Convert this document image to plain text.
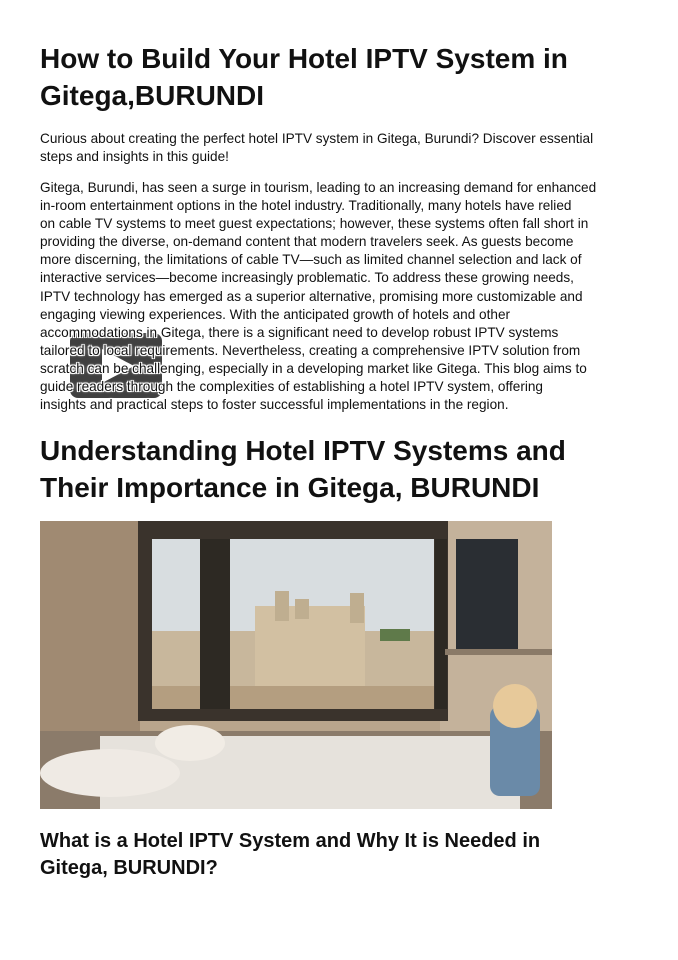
How to Build Your Hotel IPTV System in
Gitega,BURUNDI
Curious about creating the perfect hotel IPTV system in Gitega, Burundi? Discover essential
steps and insights in this guide!
Gitega, Burundi, has seen a surge in tourism, leading to an increasing demand for enhanced
in-room entertainment options in the hotel industry. Traditionally, many hotels have relied
on cable TV systems to meet guest expectations; however, these systems often fall short in
providing the diverse, on-demand content that modern travelers seek. As guests become
more discerning, the limitations of cable TV—such as limited channel selection and lack of
interactive services—become increasingly problematic. To address these growing needs,
IPTV technology has emerged as a superior alternative, promising more customizable and
engaging viewing experiences. With the anticipated growth of hotels and other
accommodations in Gitega, there is a significant need to develop robust IPTV systems
tailored to local requirements. Nevertheless, creating a comprehensive IPTV solution from
scratch can be challenging, especially in a developing market like Gitega. This blog aims to
guide readers through the complexities of establishing a hotel IPTV system, offering
insights and practical steps to foster successful implementations in the region.
Understanding Hotel IPTV Systems and
Their Importance in Gitega, BURUNDI
What is a Hotel IPTV System and Why It is Needed in
Gitega, BURUNDI?
